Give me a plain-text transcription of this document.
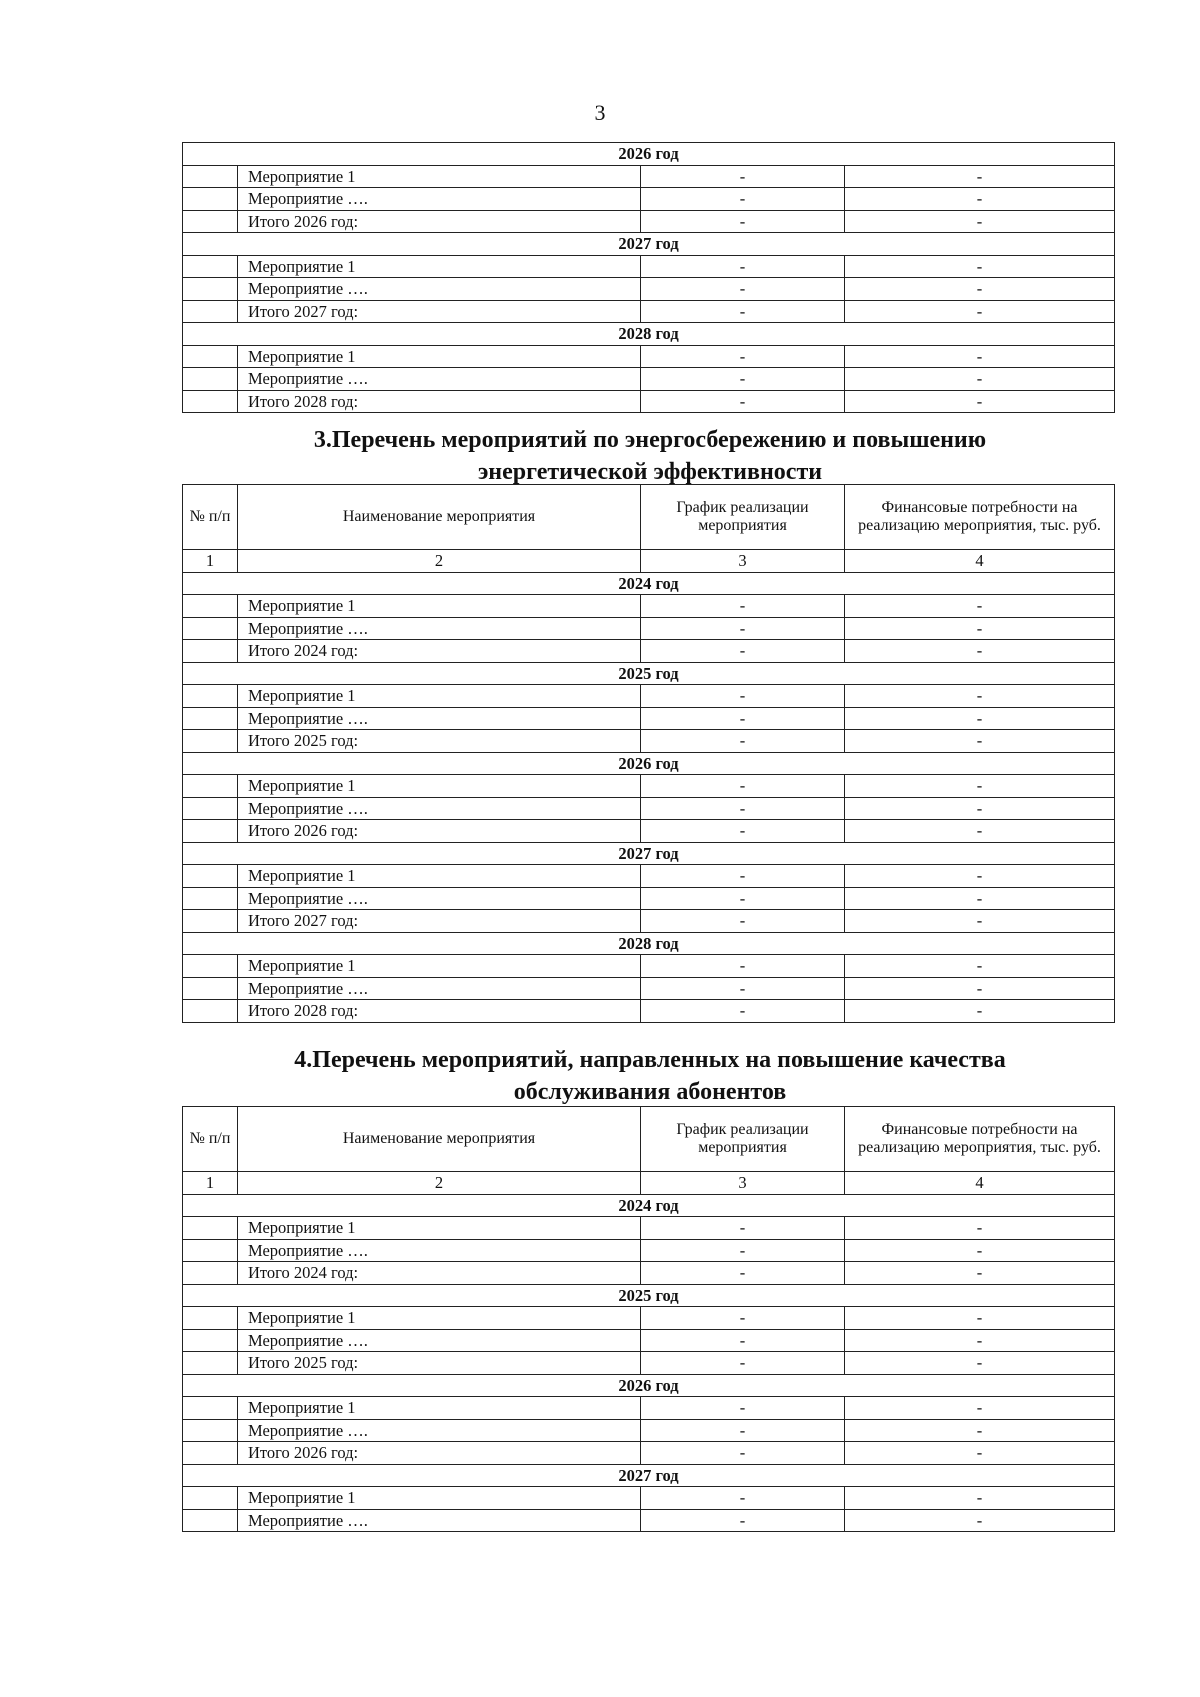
3
2026 год			
	Мероприятие 1	-	-
	Мероприятие ….	-	-
	Итого 2026 год:	-	-
2027 год			
	Мероприятие 1	-	-
	Мероприятие ….	-	-
	Итого 2027 год:	-	-
2028 год			
	Мероприятие 1	-	-
	Мероприятие ….	-	-
	Итого 2028 год:	-	-
3.Перечень мероприятий по энергосбережению и повышению
энергетической эффективности
№ п/п	Наименование мероприятия	График реализации мероприятия	Финансовые потребности на реализацию мероприятия, тыс. руб.
1	2	3	4
2024 год			
	Мероприятие 1	-	-
	Мероприятие ….	-	-
	Итого 2024 год:	-	-
2025 год			
	Мероприятие 1	-	-
	Мероприятие ….	-	-
	Итого 2025 год:	-	-
2026 год			
	Мероприятие 1	-	-
	Мероприятие ….	-	-
	Итого 2026 год:	-	-
2027 год			
	Мероприятие 1	-	-
	Мероприятие ….	-	-
	Итого 2027 год:	-	-
2028 год			
	Мероприятие 1	-	-
	Мероприятие ….	-	-
	Итого 2028 год:	-	-
4.Перечень мероприятий, направленных на повышение качества
обслуживания абонентов
№ п/п	Наименование мероприятия	График реализации мероприятия	Финансовые потребности на реализацию мероприятия, тыс. руб.
1	2	3	4
2024 год			
	Мероприятие 1	-	-
	Мероприятие ….	-	-
	Итого 2024 год:	-	-
2025 год			
	Мероприятие 1	-	-
	Мероприятие ….	-	-
	Итого 2025 год:	-	-
2026 год			
	Мероприятие 1	-	-
	Мероприятие ….	-	-
	Итого 2026 год:	-	-
2027 год			
	Мероприятие 1	-	-
	Мероприятие ….	-	-
